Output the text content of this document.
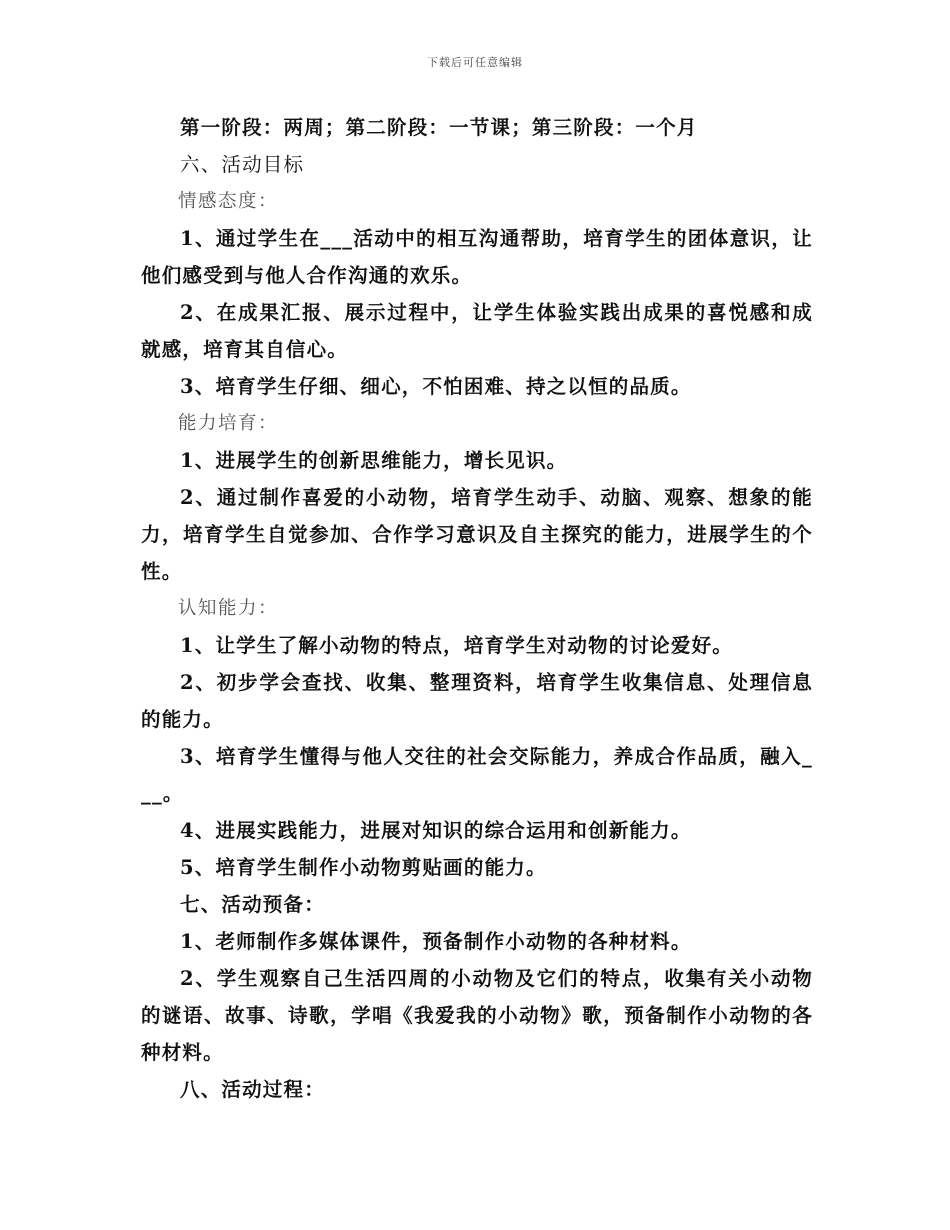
下载后可任意编辑

第一阶段：两周；第二阶段：一节课；第三阶段：一个月

六、活动目标

情感态度：

1、通过学生在___活动中的相互沟通帮助，培育学生的团体意识，让他们感受到与他人合作沟通的欢乐。

2、在成果汇报、展示过程中，让学生体验实践出成果的喜悦感和成就感，培育其自信心。

3、培育学生仔细、细心，不怕困难、持之以恒的品质。

能力培育：

1、进展学生的创新思维能力，增长见识。

2、通过制作喜爱的小动物，培育学生动手、动脑、观察、想象的能力，培育学生自觉参加、合作学习意识及自主探究的能力，进展学生的个性。

认知能力：

1、让学生了解小动物的特点，培育学生对动物的讨论爱好。

2、初步学会查找、收集、整理资料，培育学生收集信息、处理信息的能力。

3、培育学生懂得与他人交往的社会交际能力，养成合作品质，融入___。

4、进展实践能力，进展对知识的综合运用和创新能力。

5、培育学生制作小动物剪贴画的能力。

七、活动预备：

1、老师制作多媒体课件，预备制作小动物的各种材料。

2、学生观察自己生活四周的小动物及它们的特点，收集有关小动物的谜语、故事、诗歌，学唱《我爱我的小动物》歌，预备制作小动物的各种材料。

八、活动过程：
